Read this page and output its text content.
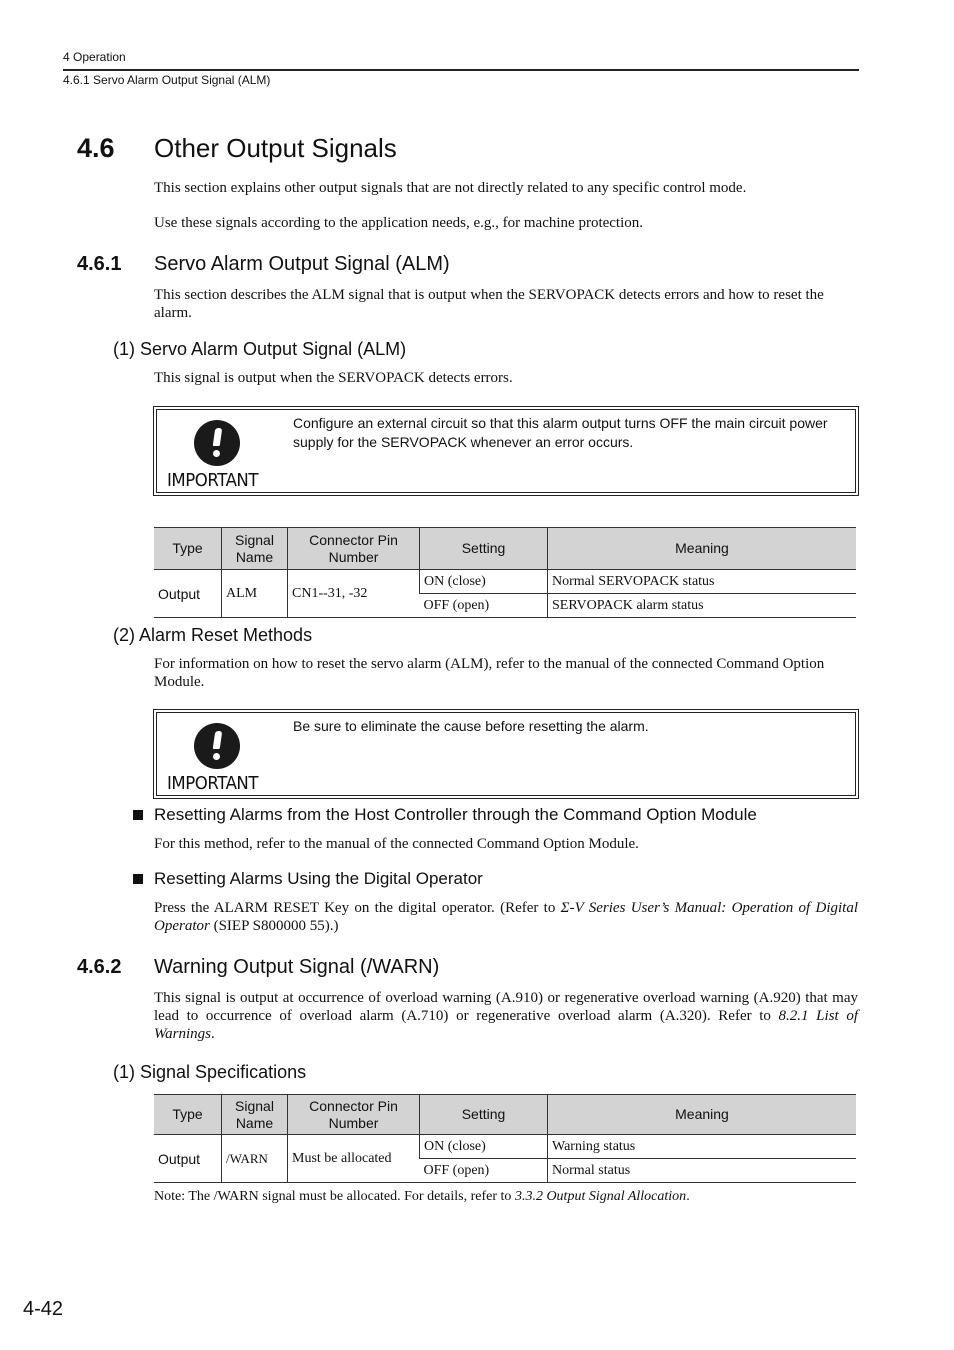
4 Operation
4.6.1 Servo Alarm Output Signal (ALM)
4.6 Other Output Signals
This section explains other output signals that are not directly related to any specific control mode.
Use these signals according to the application needs, e.g., for machine protection.
4.6.1 Servo Alarm Output Signal (ALM)
This section describes the ALM signal that is output when the SERVOPACK detects errors and how to reset the alarm.
(1) Servo Alarm Output Signal (ALM)
This signal is output when the SERVOPACK detects errors.
IMPORTANT
Configure an external circuit so that this alarm output turns OFF the main circuit power supply for the SERVOPACK whenever an error occurs.
Type	Signal Name	Connector Pin Number	Setting	Meaning
Output	ALM	CN1--31, -32	ON (close)	Normal SERVOPACK status
			OFF (open)	SERVOPACK alarm status
(2) Alarm Reset Methods
For information on how to reset the servo alarm (ALM), refer to the manual of the connected Command Option Module.
IMPORTANT
Be sure to eliminate the cause before resetting the alarm.
Resetting Alarms from the Host Controller through the Command Option Module
For this method, refer to the manual of the connected Command Option Module.
Resetting Alarms Using the Digital Operator
Press the ALARM RESET Key on the digital operator. (Refer to Σ-V Series User’s Manual: Operation of Digital Operator (SIEP S800000 55).)
4.6.2 Warning Output Signal (/WARN)
This signal is output at occurrence of overload warning (A.910) or regenerative overload warning (A.920) that may lead to occurrence of overload alarm (A.710) or regenerative overload alarm (A.320). Refer to 8.2.1 List of Warnings.
(1) Signal Specifications
Type	Signal Name	Connector Pin Number	Setting	Meaning
Output	/WARN	Must be allocated	ON (close)	Warning status
			OFF (open)	Normal status
Note: The /WARN signal must be allocated. For details, refer to 3.3.2 Output Signal Allocation.
4-42
